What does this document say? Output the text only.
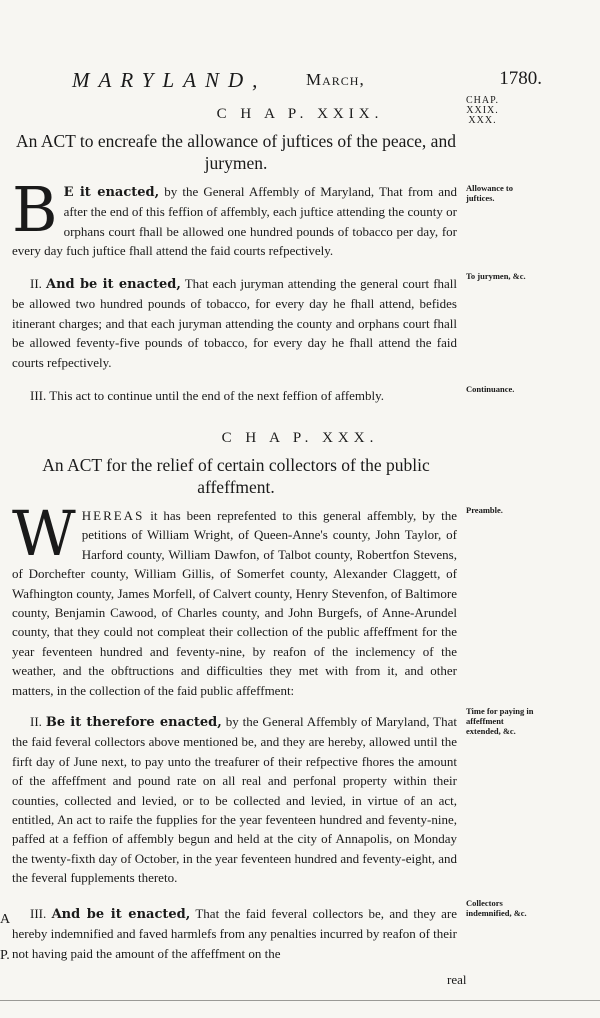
MARYLAND, March,	1780.
CHAP.
XXIX.
XXX.
C H A P. XXIX.
An ACT to encreafe the allowance of juftices of the peace, and jurymen.
B E it enacted, by the General Affembly of Maryland, That from and after the end of this feffion of affembly, each juftice attending the county or orphans court fhall be allowed one hundred pounds of tobacco per day, for every day fuch juftice fhall attend the faid courts refpectively.
Allowance to juftices.
II. And be it enacted, That each juryman attending the general court fhall be allowed two hundred pounds of tobacco, for every day he fhall attend, befides itinerant charges; and that each juryman attending the county and orphans court fhall be allowed feventy-five pounds of tobacco, for every day he fhall attend the faid courts refpectively.
To jurymen, &c.
III. This act to continue until the end of the next feffion of affembly.	Continuance.
C H A P. XXX.
An ACT for the relief of certain collectors of the public affeffment.
W HEREAS it has been reprefented to this general affembly, by the petitions of William Wright, of Queen-Anne's county, John Taylor, of Harford county, William Dawfon, of Talbot county, Robertfon Stevens, of Dorchefter county, William Gillis, of Somerfet county, Alexander Claggett, of Wafhington county, James Morfell, of Calvert county, Henry Stevenfon, of Baltimore county, Benjamin Cawood, of Charles county, and John Burgefs, of Anne-Arundel county, that they could not compleat their collection of the public affeffment for the year feventeen hundred and feventy-nine, by reafon of the inclemency of the weather, and the obftructions and difficulties they met with from it, and other matters, in the collection of the faid public affeffment:
Preamble.
II. Be it therefore enacted, by the General Affembly of Maryland, That the faid feveral collectors above mentioned be, and they are hereby, allowed until the firft day of June next, to pay unto the treafurer of their refpective fhores the amount of the affeffment and pound rate on all real and perfonal property within their counties, collected and levied, or to be collected and levied, in virtue of an act, entitled, An act to raife the fupplies for the year feventeen hundred and feventy-nine, paffed at a feffion of affembly begun and held at the city of Annapolis, on Monday the twenty-fixth day of October, in the year feventeen hundred and feventy-eight, and the feveral fupplements thereto.
Time for paying in affeffment extended, &c.
III. And be it enacted, That the faid feveral collectors be, and they are hereby indemnified and faved harmlefs from any penalties incurred by reafon of their not having paid the amount of the affeffment on the
Collectors indemnified, &c.
real
A
P.
